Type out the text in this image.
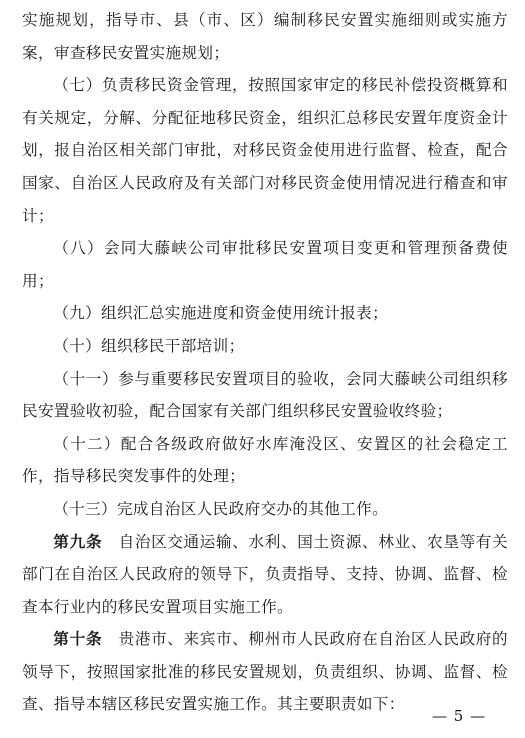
实施规划，指导市、县（市、区）编制移民安置实施细则或实施方案，审查移民安置实施规划；

（七）负责移民资金管理，按照国家审定的移民补偿投资概算和有关规定，分解、分配征地移民资金，组织汇总移民安置年度资金计划，报自治区相关部门审批，对移民资金使用进行监督、检查，配合国家、自治区人民政府及有关部门对移民资金使用情况进行稽查和审计；

（八）会同大藤峡公司审批移民安置项目变更和管理预备费使用；

（九）组织汇总实施进度和资金使用统计报表；

（十）组织移民干部培训；

（十一）参与重要移民安置项目的验收，会同大藤峡公司组织移民安置验收初验，配合国家有关部门组织移民安置验收终验；

（十二）配合各级政府做好水库淹没区、安置区的社会稳定工作，指导移民突发事件的处理；

（十三）完成自治区人民政府交办的其他工作。

第九条　自治区交通运输、水利、国土资源、林业、农垦等有关部门在自治区人民政府的领导下，负责指导、支持、协调、监督、检查本行业内的移民安置项目实施工作。

第十条　贵港市、来宾市、柳州市人民政府在自治区人民政府的领导下，按照国家批准的移民安置规划，负责组织、协调、监督、检查、指导本辖区移民安置实施工作。其主要职责如下：

— 5 —
